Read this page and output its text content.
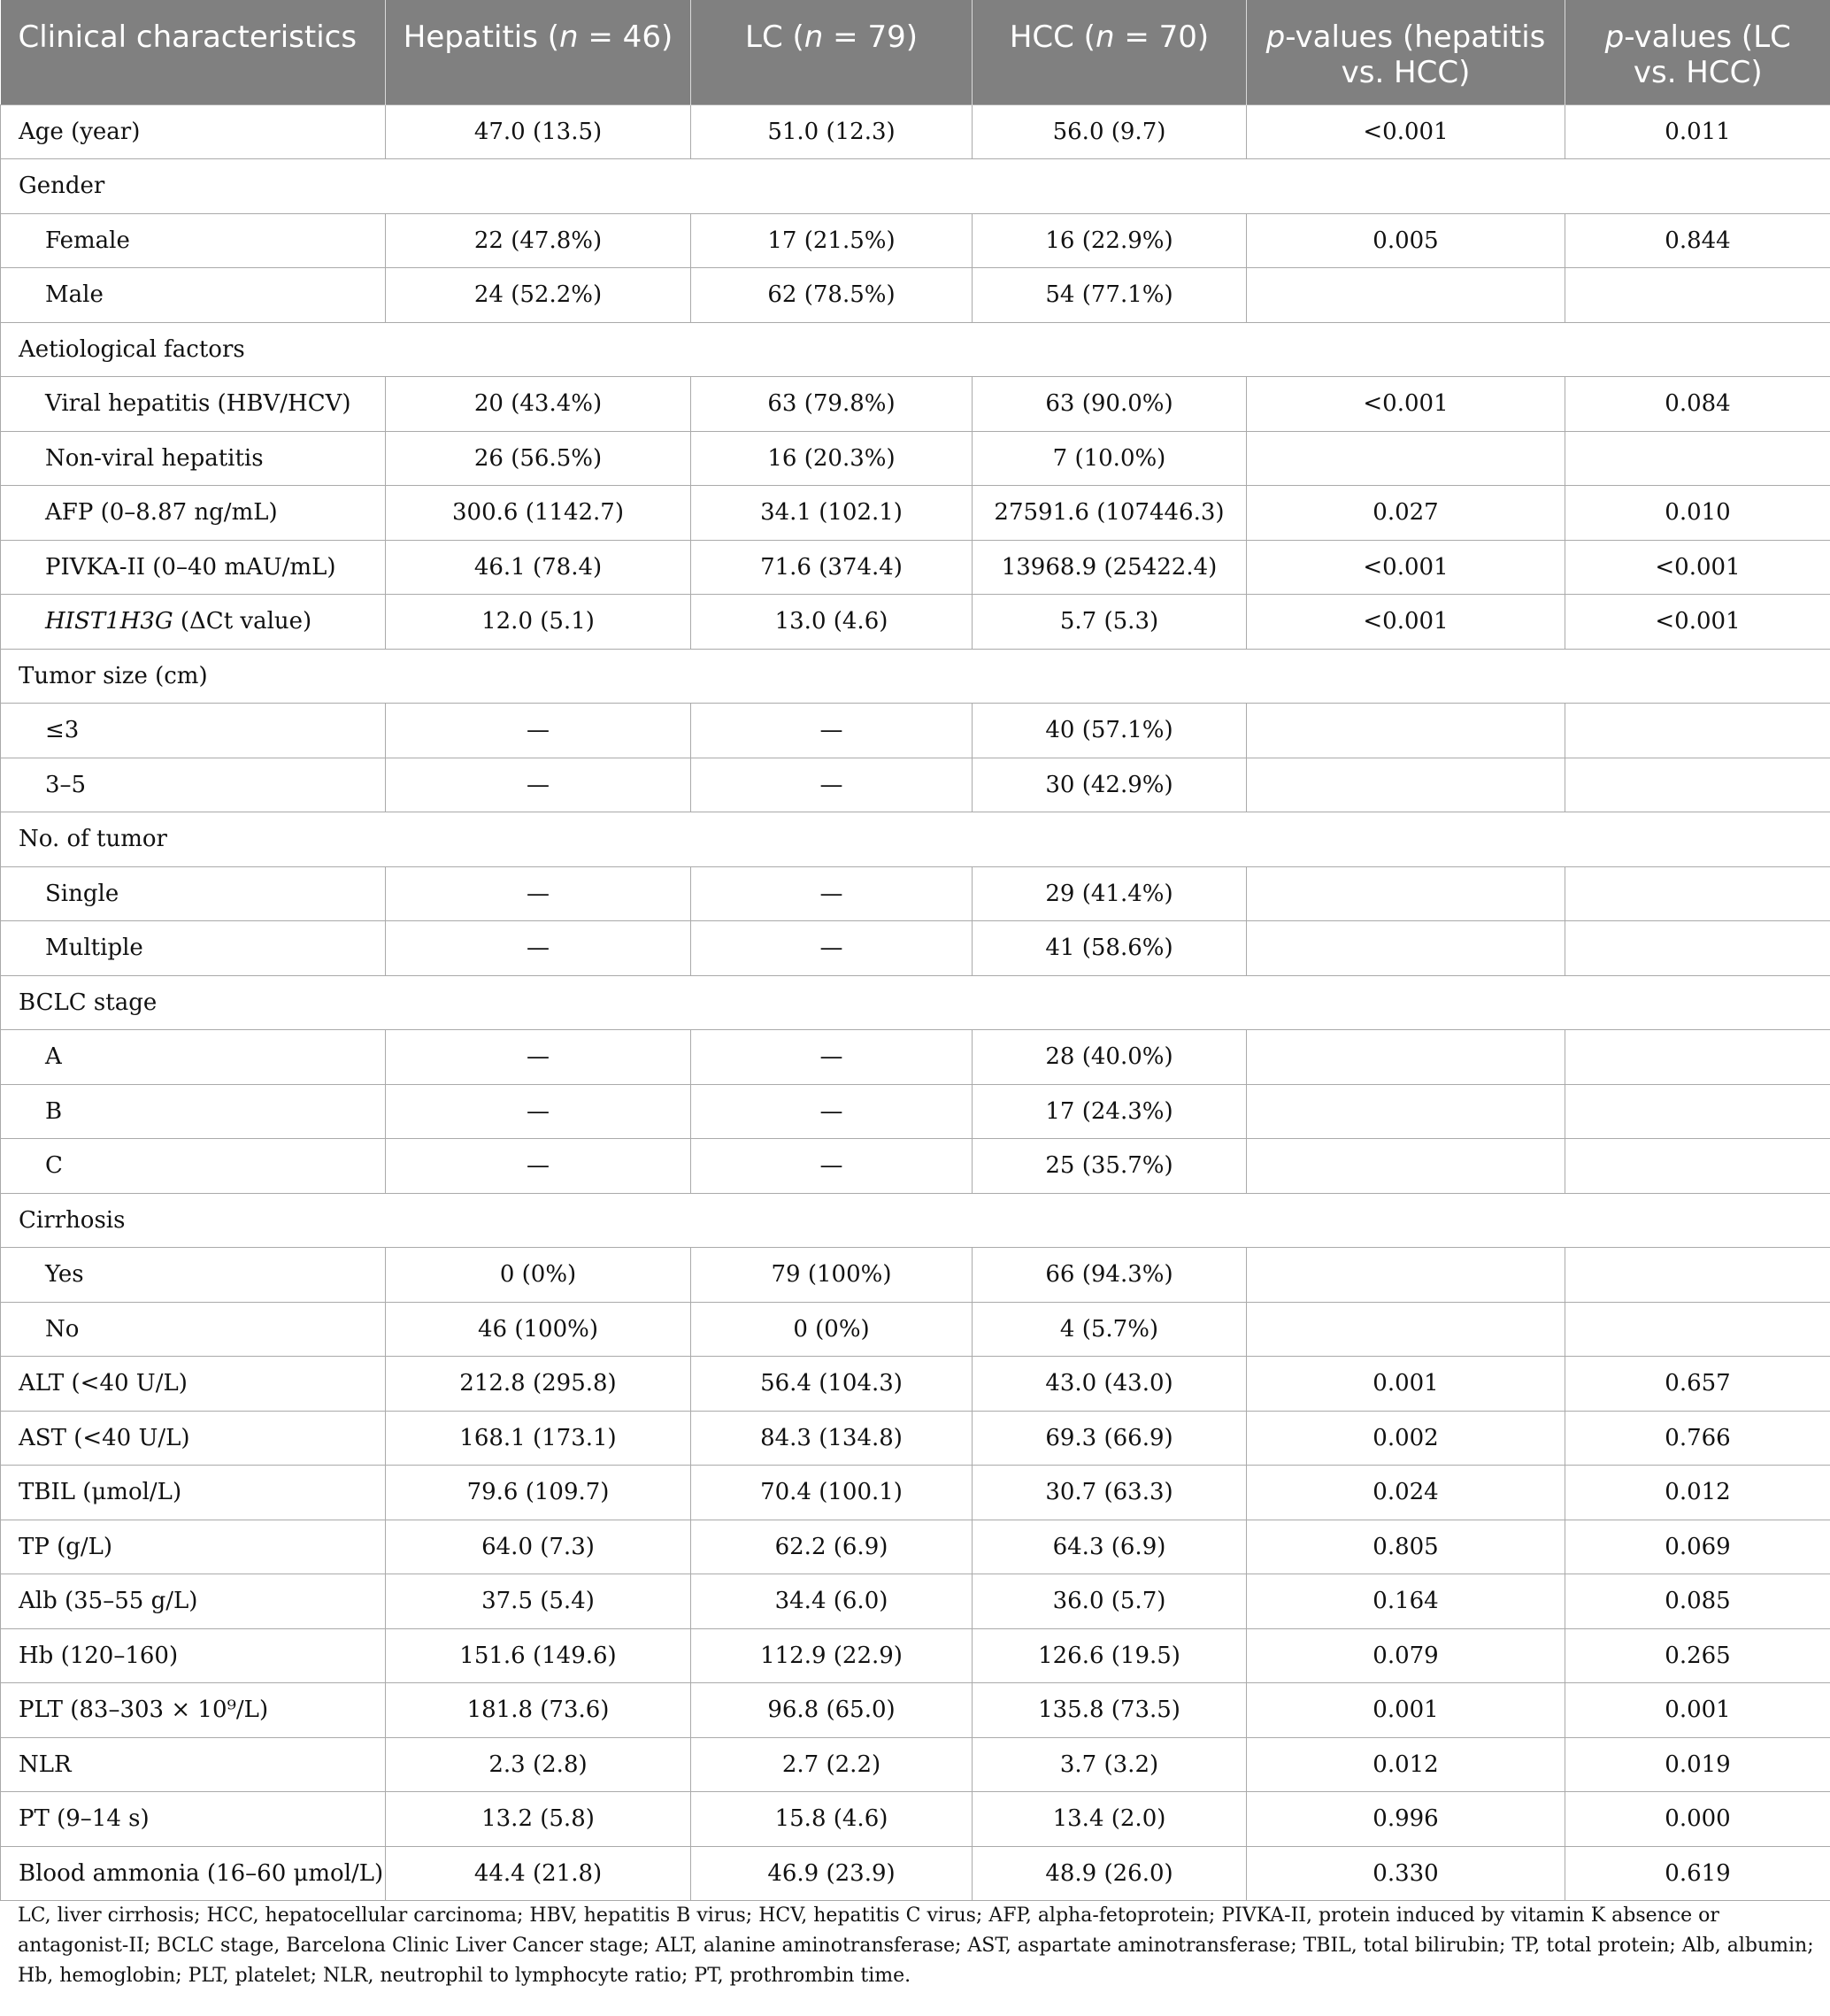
Clinical characteristics	Hepatitis (n = 46)	LC (n = 79)	HCC (n = 70)	p-values (hepatitis vs. HCC)	p-values (LC vs. HCC)
Age (year)	47.0 (13.5)	51.0 (12.3)	56.0 (9.7)	<0.001	0.011
Gender					
Female	22 (47.8%)	17 (21.5%)	16 (22.9%)	0.005	0.844
Male	24 (52.2%)	62 (78.5%)	54 (77.1%)		
Aetiological factors					
Viral hepatitis (HBV/HCV)	20 (43.4%)	63 (79.8%)	63 (90.0%)	<0.001	0.084
Non-viral hepatitis	26 (56.5%)	16 (20.3%)	7 (10.0%)		
AFP (0–8.87 ng/mL)	300.6 (1142.7)	34.1 (102.1)	27591.6 (107446.3)	0.027	0.010
PIVKA-II (0–40 mAU/mL)	46.1 (78.4)	71.6 (374.4)	13968.9 (25422.4)	<0.001	<0.001
HIST1H3G (ΔCt value)	12.0 (5.1)	13.0 (4.6)	5.7 (5.3)	<0.001	<0.001
Tumor size (cm)					
≤3	—	—	40 (57.1%)		
3–5	—	—	30 (42.9%)		
No. of tumor					
Single	—	—	29 (41.4%)		
Multiple	—	—	41 (58.6%)		
BCLC stage					
A	—	—	28 (40.0%)		
B	—	—	17 (24.3%)		
C	—	—	25 (35.7%)		
Cirrhosis					
Yes	0 (0%)	79 (100%)	66 (94.3%)		
No	46 (100%)	0 (0%)	4 (5.7%)		
ALT (<40 U/L)	212.8 (295.8)	56.4 (104.3)	43.0 (43.0)	0.001	0.657
AST (<40 U/L)	168.1 (173.1)	84.3 (134.8)	69.3 (66.9)	0.002	0.766
TBIL (μmol/L)	79.6 (109.7)	70.4 (100.1)	30.7 (63.3)	0.024	0.012
TP (g/L)	64.0 (7.3)	62.2 (6.9)	64.3 (6.9)	0.805	0.069
Alb (35–55 g/L)	37.5 (5.4)	34.4 (6.0)	36.0 (5.7)	0.164	0.085
Hb (120–160)	151.6 (149.6)	112.9 (22.9)	126.6 (19.5)	0.079	0.265
PLT (83–303 × 10⁹/L)	181.8 (73.6)	96.8 (65.0)	135.8 (73.5)	0.001	0.001
NLR	2.3 (2.8)	2.7 (2.2)	3.7 (3.2)	0.012	0.019
PT (9–14 s)	13.2 (5.8)	15.8 (4.6)	13.4 (2.0)	0.996	0.000
Blood ammonia (16–60 μmol/L)	44.4 (21.8)	46.9 (23.9)	48.9 (26.0)	0.330	0.619
LC, liver cirrhosis; HCC, hepatocellular carcinoma; HBV, hepatitis B virus; HCV, hepatitis C virus; AFP, alpha-fetoprotein; PIVKA-II, protein induced by vitamin K absence or antagonist-II; BCLC stage, Barcelona Clinic Liver Cancer stage; ALT, alanine aminotransferase; AST, aspartate aminotransferase; TBIL, total bilirubin; TP, total protein; Alb, albumin; Hb, hemoglobin; PLT, platelet; NLR, neutrophil to lymphocyte ratio; PT, prothrombin time.
